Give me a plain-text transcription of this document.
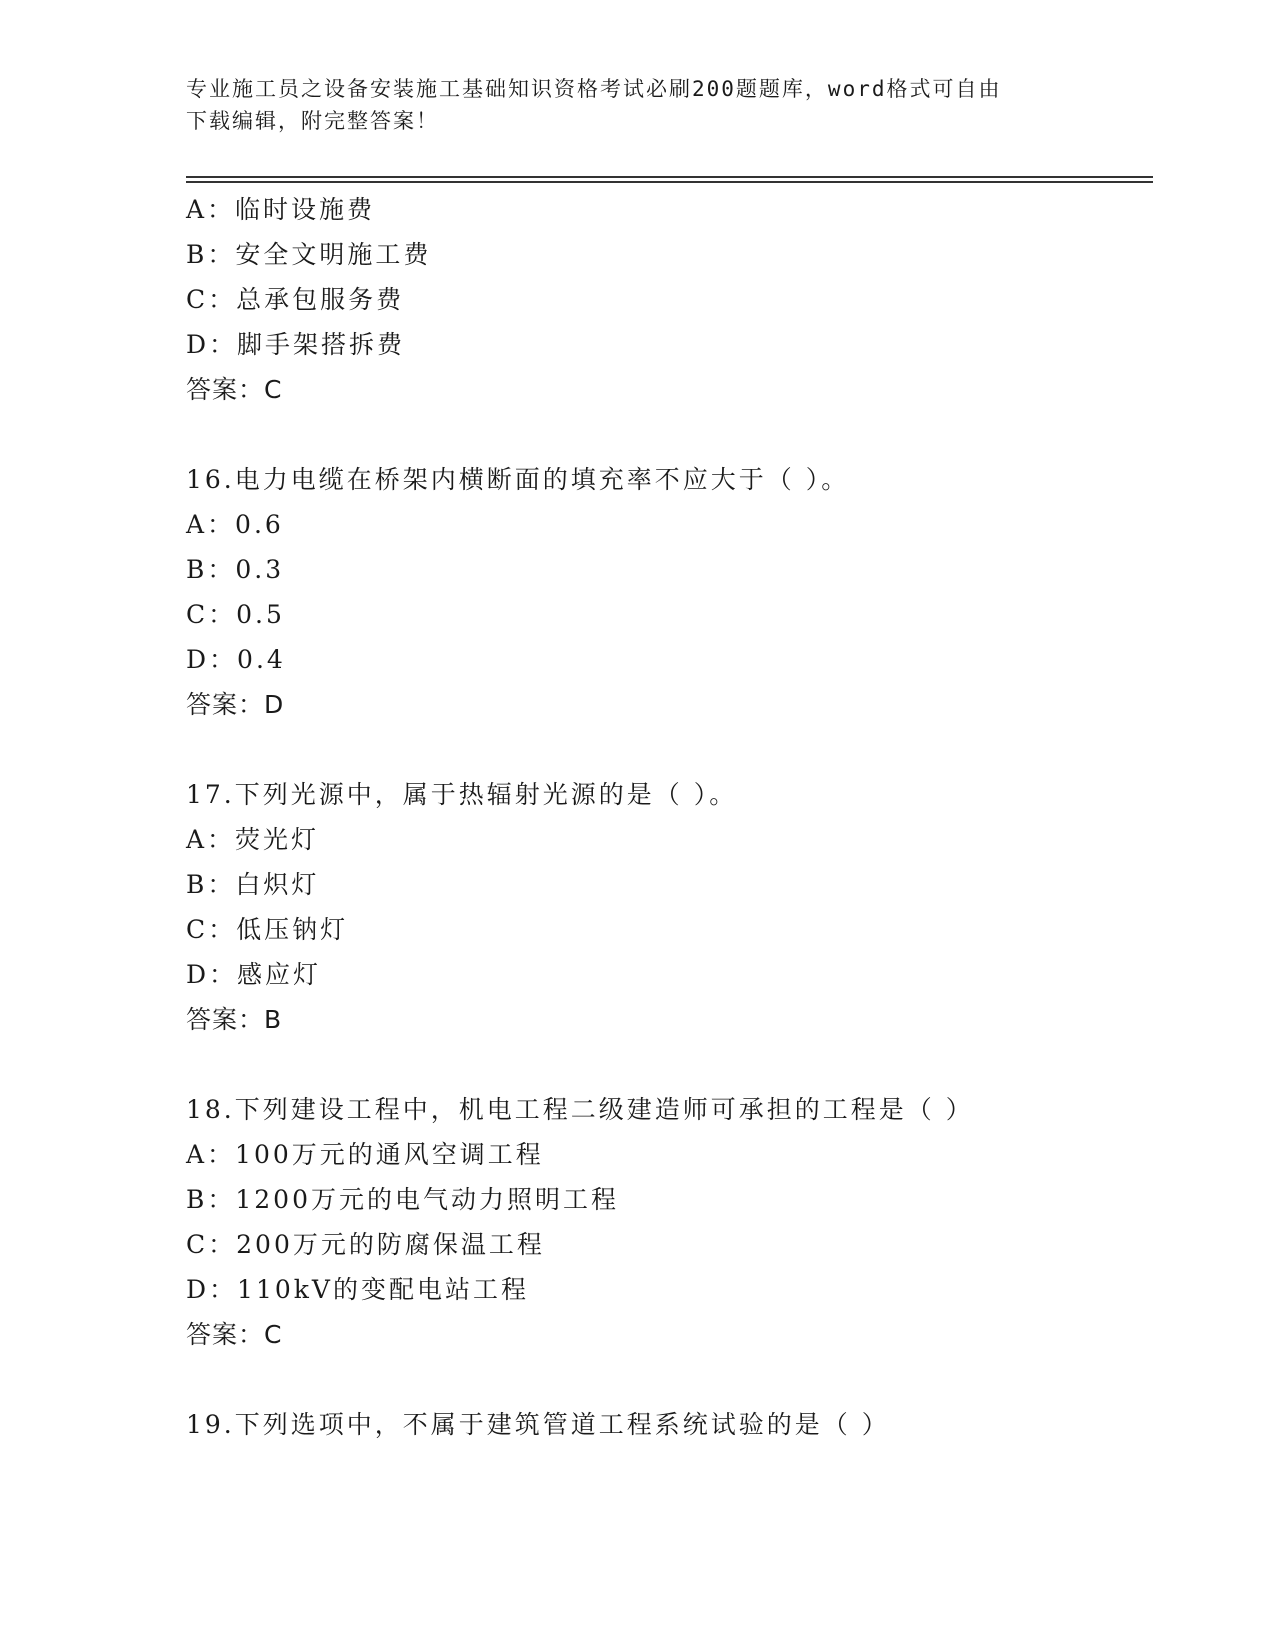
专业施工员之设备安装施工基础知识资格考试必刷200题题库，word格式可自由
下载编辑，附完整答案！
A：临时设施费
B：安全文明施工费
C：总承包服务费
D：脚手架搭拆费
答案：C
16.电力电缆在桥架内横断面的填充率不应大于（ ）。
A：0.6
B：0.3
C：0.5
D：0.4
答案：D
17.下列光源中，属于热辐射光源的是（ ）。
A：荧光灯
B：白炽灯
C：低压钠灯
D：感应灯
答案：B
18.下列建设工程中，机电工程二级建造师可承担的工程是（ ）
A：100万元的通风空调工程
B：1200万元的电气动力照明工程
C：200万元的防腐保温工程
D：110kV的变配电站工程
答案：C
19.下列选项中，不属于建筑管道工程系统试验的是（ ）
